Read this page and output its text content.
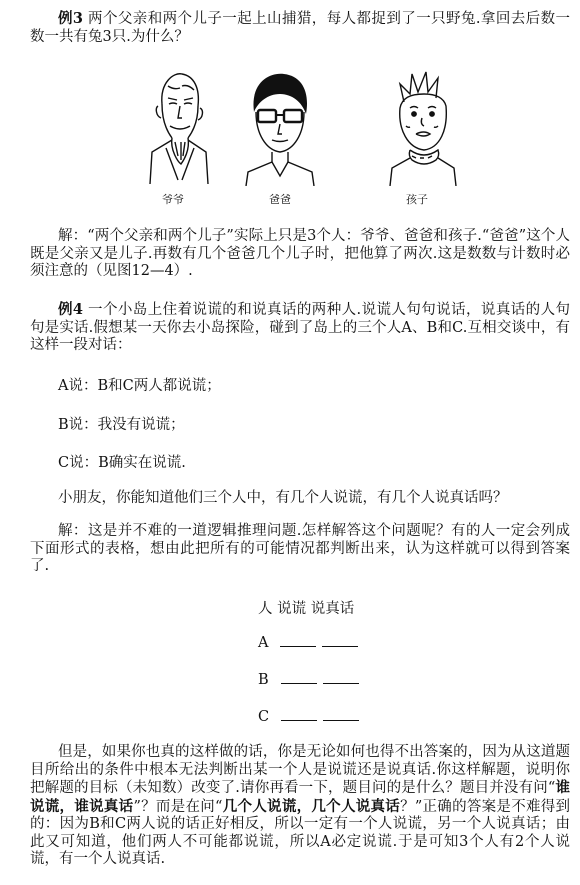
例3 两个父亲和两个儿子一起上山捕猎，每人都捉到了一只野兔.拿回去后数一数一共有兔3只.为什么？

爷爷	爸爸	孩子

解：“两个父亲和两个儿子”实际上只是3个人：爷爷、爸爸和孩子.“爸爸”这个人既是父亲又是儿子.再数有几个爸爸几个儿子时，把他算了两次.这是数数与计数时必须注意的（见图12—4）.

例4 一个小岛上住着说谎的和说真话的两种人.说谎人句句说话，说真话的人句句是实话.假想某一天你去小岛探险，碰到了岛上的三个人A、B和C.互相交谈中，有这样一段对话：

A说：B和C两人都说谎；

B说：我没有说谎；

C说：B确实在说谎.

小朋友，你能知道他们三个人中，有几个人说谎，有几个人说真话吗？

解：这是并不难的一道逻辑推理问题.怎样解答这个问题呢？有的人一定会列成下面形式的表格，想由此把所有的可能情况都判断出来，认为这样就可以得到答案了.

人 说谎 说真话

A
B
C

但是，如果你也真的这样做的话，你是无论如何也得不出答案的，因为从这道题目所给出的条件中根本无法判断出某一个人是说谎还是说真话.你这样解题，说明你把解题的目标（未知数）改变了.请你再看一下，题目问的是什么？题目并没有问“谁说谎，谁说真话”？而是在问“几个人说谎，几个人说真话？”正确的答案是不难得到的：因为B和C两人说的话正好相反，所以一定有一个人说谎，另一个人说真话；由此又可知道，他们两人不可能都说谎，所以A必定说谎.于是可知3个人有2个人说谎，有一个人说真话.
